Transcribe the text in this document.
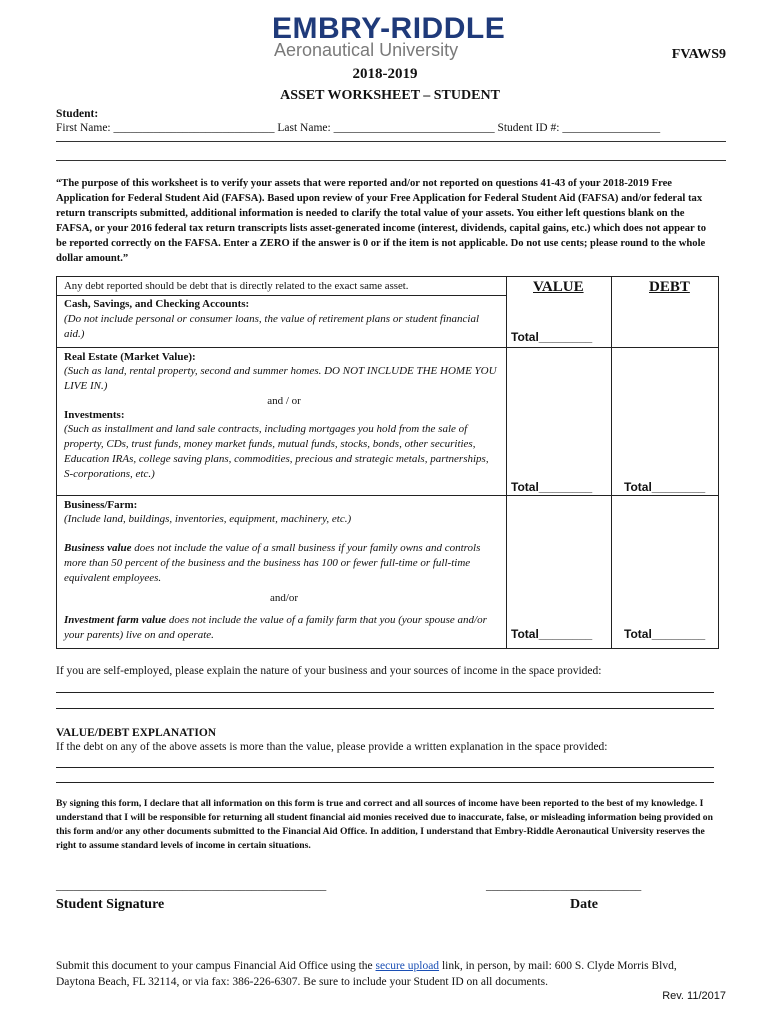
EMBRY-RIDDLE
Aeronautical University	FVAWS9
2018-2019
ASSET WORKSHEET – STUDENT
Student:
First Name: ____________________________ Last Name: ____________________________ Student ID #: _________________
“The purpose of this worksheet is to verify your assets that were reported and/or not reported on questions 41-43 of your 2018-2019 Free Application for Federal Student Aid (FAFSA). Based upon review of your Free Application for Federal Student Aid (FAFSA) and/or federal tax return transcripts submitted, additional information is needed to clarify the total value of your assets. You either left questions blank on the FAFSA, or your 2016 federal tax return transcripts lists asset-generated income (interest, dividends, capital gains, etc.) which does not appear to be reported correctly on the FAFSA. Enter a ZERO if the answer is 0 or if the item is not applicable. Do not use cents; please round to the whole dollar amount.”
Any debt reported should be debt that is directly related to the exact same asset.	VALUE	DEBT
Cash, Savings, and Checking Accounts:
(Do not include personal or consumer loans, the value of retirement plans or student financial aid.)	Total________
Real Estate (Market Value):
(Such as land, rental property, second and summer homes. DO NOT INCLUDE THE HOME YOU LIVE IN.)
and / or
Investments:
(Such as installment and land sale contracts, including mortgages you hold from the sale of property, CDs, trust funds, money market funds, mutual funds, stocks, bonds, other securities, Education IRAs, college saving plans, commodities, precious and strategic metals, partnerships, S-corporations, etc.)
Total________	Total________
Business/Farm:
(Include land, buildings, inventories, equipment, machinery, etc.)
Business value does not include the value of a small business if your family owns and controls more than 50 percent of the business and the business has 100 or fewer full-time or full-time equivalent employees.
and/or
Investment farm value does not include the value of a family farm that you (your spouse and/or your parents) live on and operate.	Total________	Total________
If you are self-employed, please explain the nature of your business and your sources of income in the space provided:
VALUE/DEBT EXPLANATION
If the debt on any of the above assets is more than the value, please provide a written explanation in the space provided:
By signing this form, I declare that all information on this form is true and correct and all sources of income have been reported to the best of my knowledge. I understand that I will be responsible for returning all student financial aid monies received due to inaccurate, false, or misleading information being provided on this form and/or any other documents submitted to the Financial Aid Office. In addition, I understand that Embry-Riddle Aeronautical University reserves the right to assume standard levels of income in certain situations.
_______________________________________________	___________________________
Student Signature	Date
Submit this document to your campus Financial Aid Office using the secure upload link, in person, by mail: 600 S. Clyde Morris Blvd, Daytona Beach, FL 32114, or via fax: 386-226-6307. Be sure to include your Student ID on all documents.
Rev. 11/2017
